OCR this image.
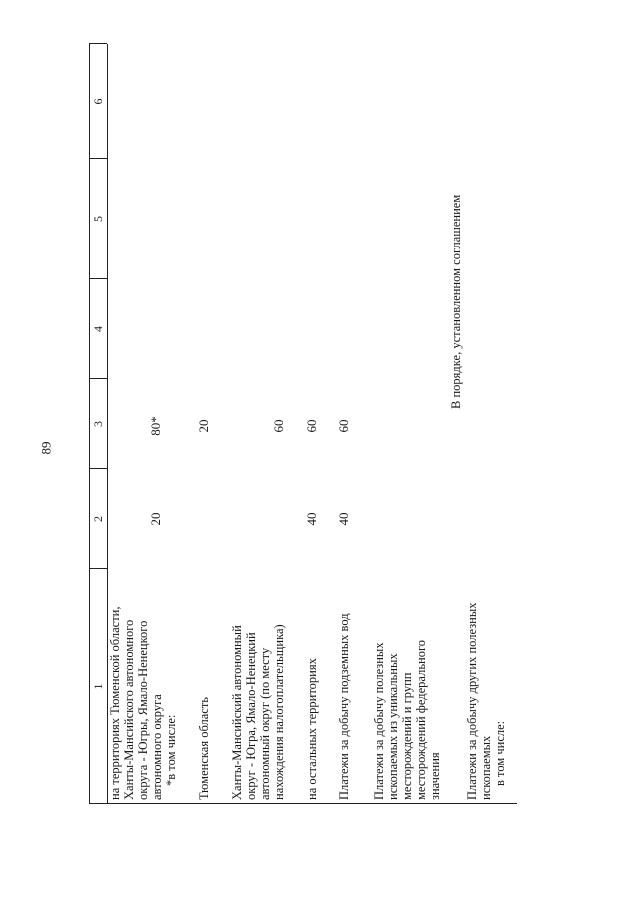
89
1
2
3
4
5
6
на территориях Тюменской области, Ханты-Мансийского автономного округа - Югры, Ямало-Ненецкого автономного округа *в том числе:
20
80*
Тюменская область
20
Ханты-Мансийский автономный округ - Югра, Ямало-Ненецкий автономный округ (по месту нахождения налогоплательщика)
60
на остальных территориях
40
60
Платежи за добычу подземных вод
40
60
Платежи за добычу полезных ископаемых из уникальных месторождений и групп месторождений федерального значения
В порядке, установленном соглашением
Платежи за добычу других полезных ископаемых в том числе:
